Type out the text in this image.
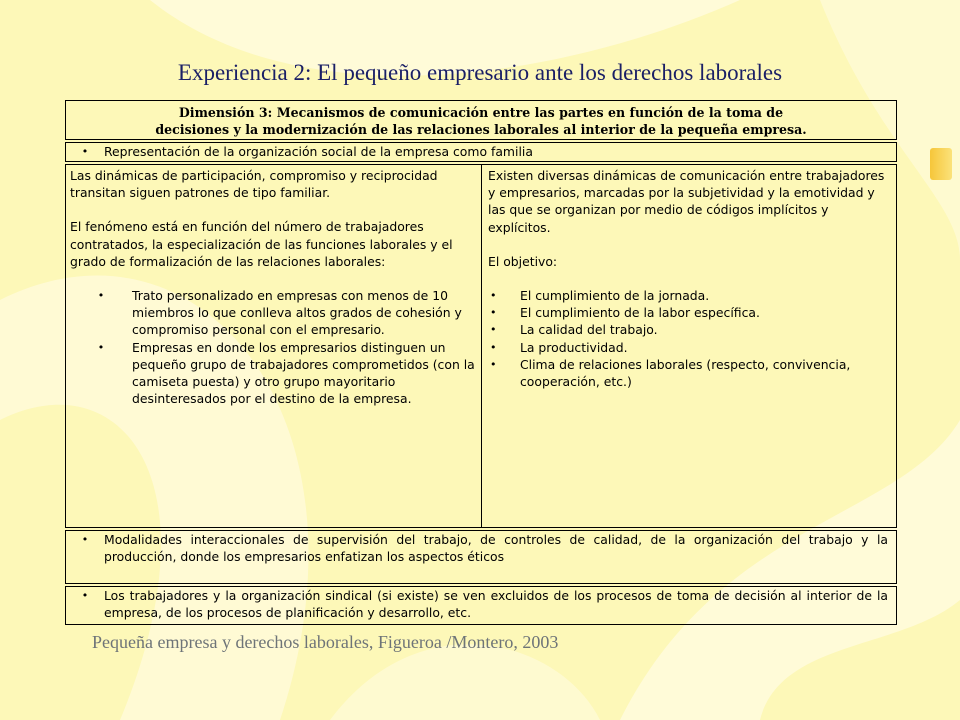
Experiencia 2: El pequeño empresario ante los derechos laborales
Dimensión 3: Mecanismos de comunicación entre las partes en función de la toma de
decisiones y la modernización de las relaciones laborales al interior de la pequeña empresa.
•	Representación de la organización social de la empresa como familia

Las dinámicas de participación, compromiso y reciprocidad transitan siguen patrones de tipo familiar.

El fenómeno está en función del número de trabajadores contratados, la especialización de las funciones laborales y el grado de formalización de las relaciones laborales:

•	Trato personalizado en empresas con menos de 10 miembros lo que conlleva altos grados de cohesión y compromiso personal con el empresario.
•	Empresas en donde los empresarios distinguen un pequeño grupo de trabajadores comprometidos (con la camiseta puesta) y otro grupo mayoritario desinteresados por el destino de la empresa.

Existen diversas dinámicas de comunicación entre trabajadores y empresarios, marcadas por la subjetividad y la emotividad y las que se organizan por medio de códigos implícitos y explícitos.

El objetivo:

•	El cumplimiento de la jornada.
•	El cumplimiento de la labor específica.
•	La calidad del trabajo.
•	La productividad.
•	Clima de relaciones laborales (respecto, convivencia, cooperación, etc.)
•	Modalidades interaccionales de supervisión del trabajo, de controles de calidad, de la organización del trabajo y la producción, donde los empresarios enfatizan los aspectos éticos
•	Los trabajadores y la organización sindical (si existe) se ven excluidos de los procesos de toma de decisión al interior de la empresa, de los procesos de planificación y desarrollo, etc.
Pequeña empresa y derechos laborales, Figueroa /Montero, 2003
